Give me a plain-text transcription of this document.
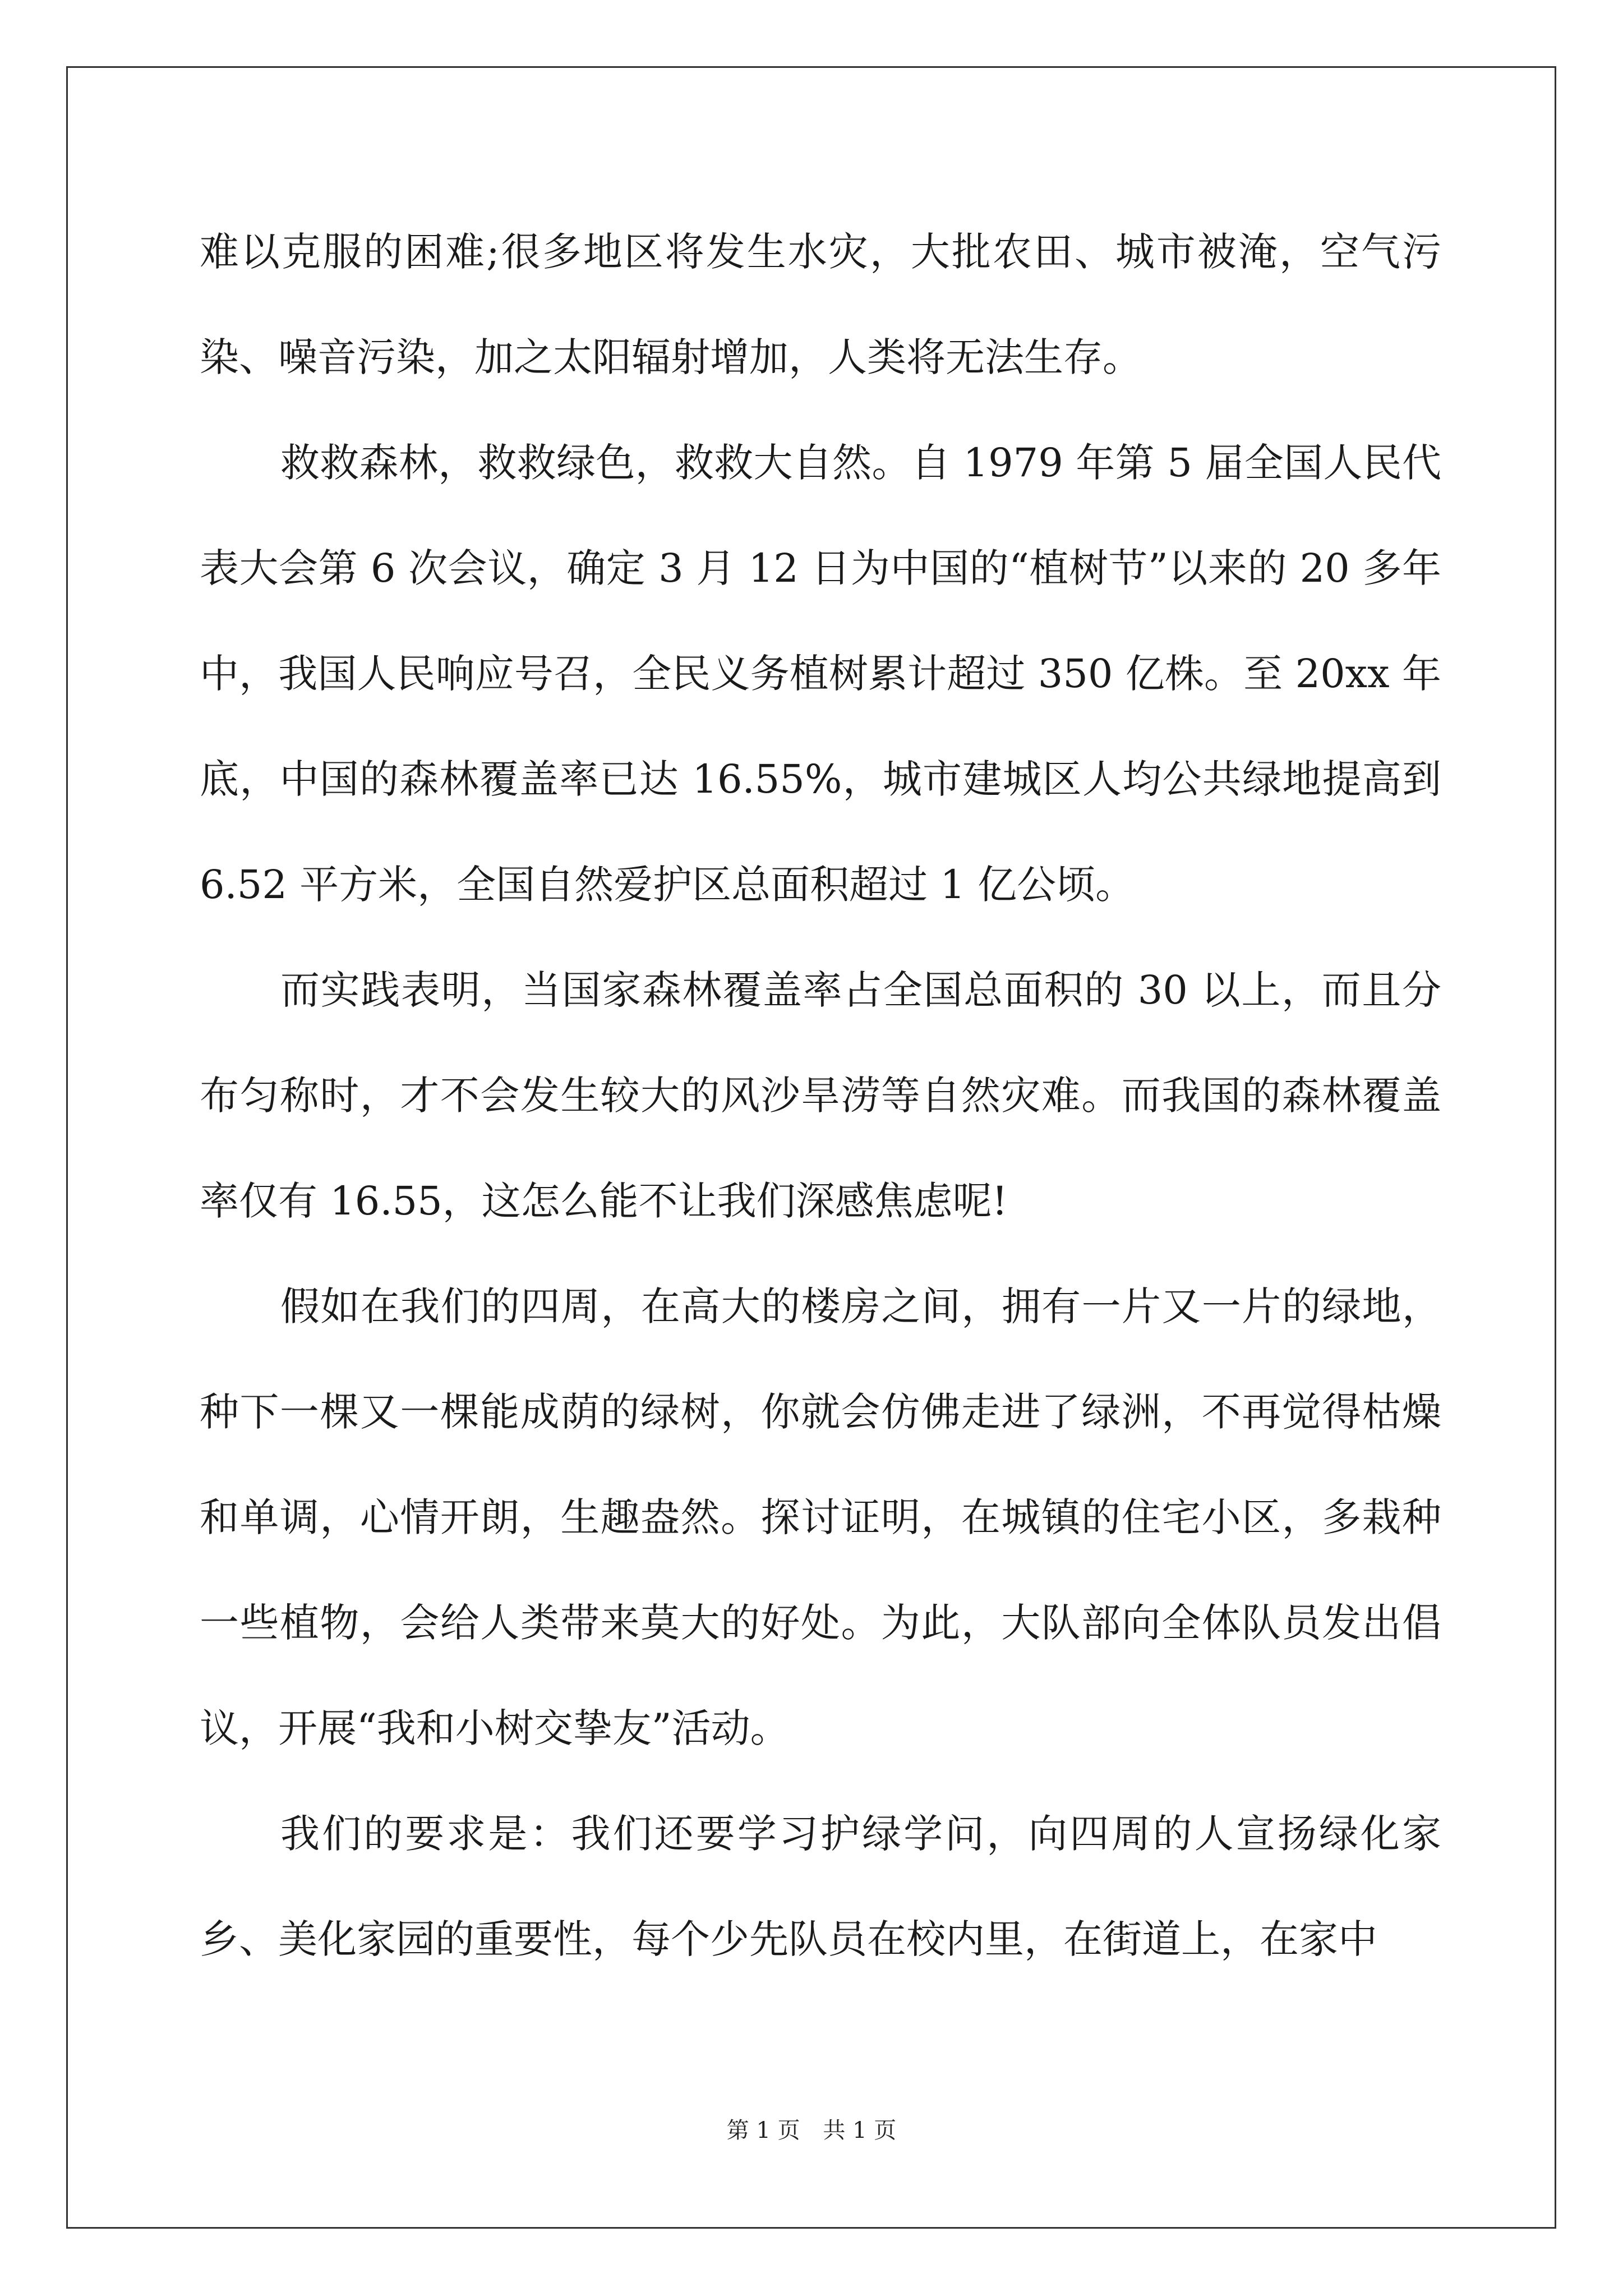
难以克服的困难;很多地区将发生水灾，大批农田、城市被淹，空气污染、噪音污染，加之太阳辐射增加，人类将无法生存。

救救森林，救救绿色，救救大自然。自 1979 年第 5 届全国人民代表大会第 6 次会议，确定 3 月 12 日为中国的“植树节”以来的 20 多年中，我国人民响应号召，全民义务植树累计超过 350 亿株。至 20xx 年底，中国的森林覆盖率已达 16.55%，城市建城区人均公共绿地提高到 6.52 平方米，全国自然爱护区总面积超过 1 亿公顷。

而实践表明，当国家森林覆盖率占全国总面积的 30 以上，而且分布匀称时，才不会发生较大的风沙旱涝等自然灾难。而我国的森林覆盖率仅有 16.55，这怎么能不让我们深感焦虑呢!

假如在我们的四周，在高大的楼房之间，拥有一片又一片的绿地，种下一棵又一棵能成荫的绿树，你就会仿佛走进了绿洲，不再觉得枯燥和单调，心情开朗，生趣盎然。探讨证明，在城镇的住宅小区，多栽种一些植物，会给人类带来莫大的好处。为此，大队部向全体队员发出倡议，开展“我和小树交挚友”活动。

我们的要求是：我们还要学习护绿学问，向四周的人宣扬绿化家乡、美化家园的重要性，每个少先队员在校内里，在街道上，在家中

第 1 页 共 1 页
